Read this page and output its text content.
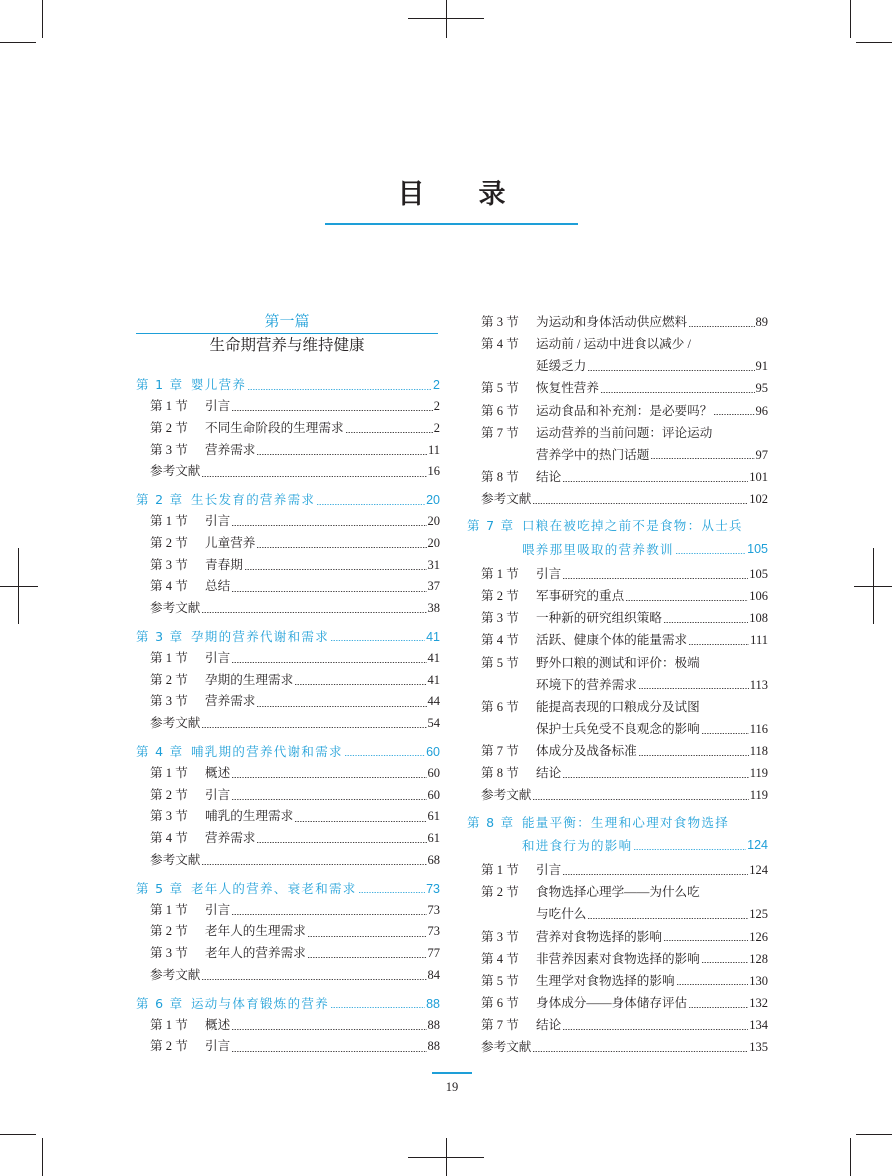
目　　录
第一篇
生命期营养与维持健康
第 1 章 婴儿营养	2
第 1 节	引言	2
第 2 节	不同生命阶段的生理需求	2
第 3 节	营养需求	11
参考文献	16
第 2 章 生长发育的营养需求	20
第 1 节	引言	20
第 2 节	儿童营养	20
第 3 节	青春期	31
第 4 节	总结	37
参考文献	38
第 3 章 孕期的营养代谢和需求	41
第 1 节	引言	41
第 2 节	孕期的生理需求	41
第 3 节	营养需求	44
参考文献	54
第 4 章 哺乳期的营养代谢和需求	60
第 1 节	概述	60
第 2 节	引言	60
第 3 节	哺乳的生理需求	61
第 4 节	营养需求	61
参考文献	68
第 5 章 老年人的营养、衰老和需求	73
第 1 节	引言	73
第 2 节	老年人的生理需求	73
第 3 节	老年人的营养需求	77
参考文献	84
第 6 章 运动与体育锻炼的营养	88
第 1 节	概述	88
第 2 节	引言	88
第 3 节	为运动和身体活动供应燃料	89
第 4 节	运动前 / 运动中进食以减少 /
延缓乏力	91
第 5 节	恢复性营养	95
第 6 节	运动食品和补充剂：是必要吗？	96
第 7 节	运动营养的当前问题：评论运动
营养学中的热门话题	97
第 8 节	结论	101
参考文献	102
第 7 章 口粮在被吃掉之前不是食物：从士兵
喂养那里吸取的营养教训	105
第 1 节	引言	105
第 2 节	军事研究的重点	106
第 3 节	一种新的研究组织策略	108
第 4 节	活跃、健康个体的能量需求	111
第 5 节	野外口粮的测试和评价：极端
环境下的营养需求	113
第 6 节	能提高表现的口粮成分及试图
保护士兵免受不良观念的影响	116
第 7 节	体成分及战备标准	118
第 8 节	结论	119
参考文献	119
第 8 章 能量平衡：生理和心理对食物选择
和进食行为的影响	124
第 1 节	引言	124
第 2 节	食物选择心理学——为什么吃
与吃什么	125
第 3 节	营养对食物选择的影响	126
第 4 节	非营养因素对食物选择的影响	128
第 5 节	生理学对食物选择的影响	130
第 6 节	身体成分——身体储存评估	132
第 7 节	结论	134
参考文献	135
19
